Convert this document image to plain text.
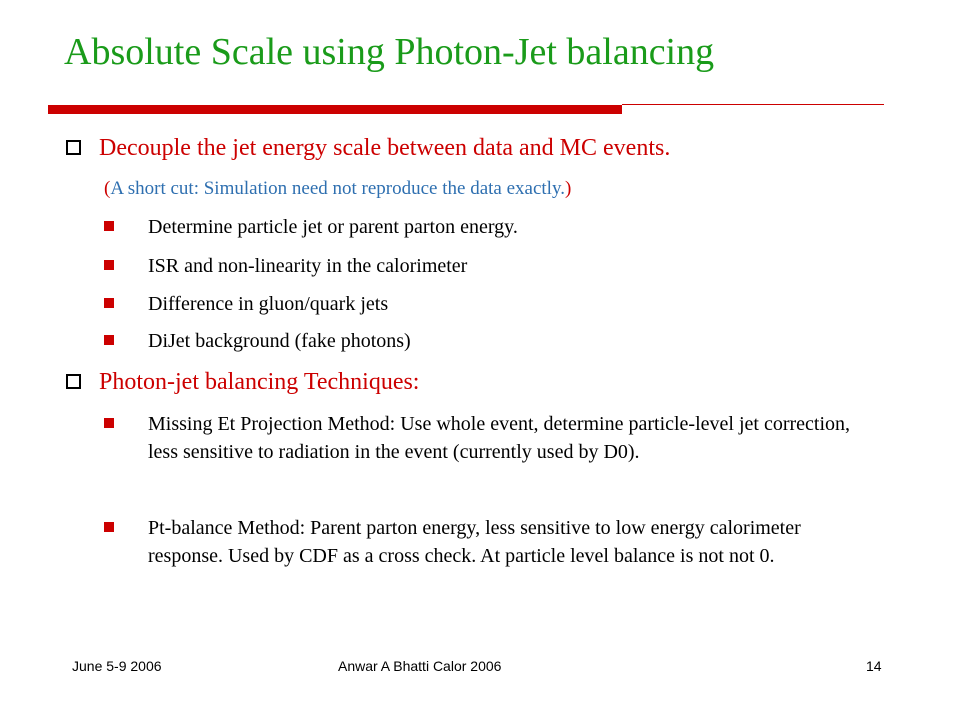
Absolute Scale using Photon-Jet balancing
Decouple the jet energy scale between data and MC events.
(A short cut: Simulation need not reproduce the data exactly.)
Determine particle jet or parent parton energy.
ISR and non-linearity in the calorimeter
Difference in gluon/quark jets
DiJet background (fake photons)
Photon-jet balancing Techniques:
Missing Et Projection Method: Use whole event, determine particle-level jet correction, less sensitive to radiation in the event (currently used by D0).
Pt-balance Method: Parent parton energy, less sensitive to low energy calorimeter response. Used by CDF as a cross check. At particle level balance is not not 0.
June 5-9 2006	Anwar A Bhatti Calor 2006	14
